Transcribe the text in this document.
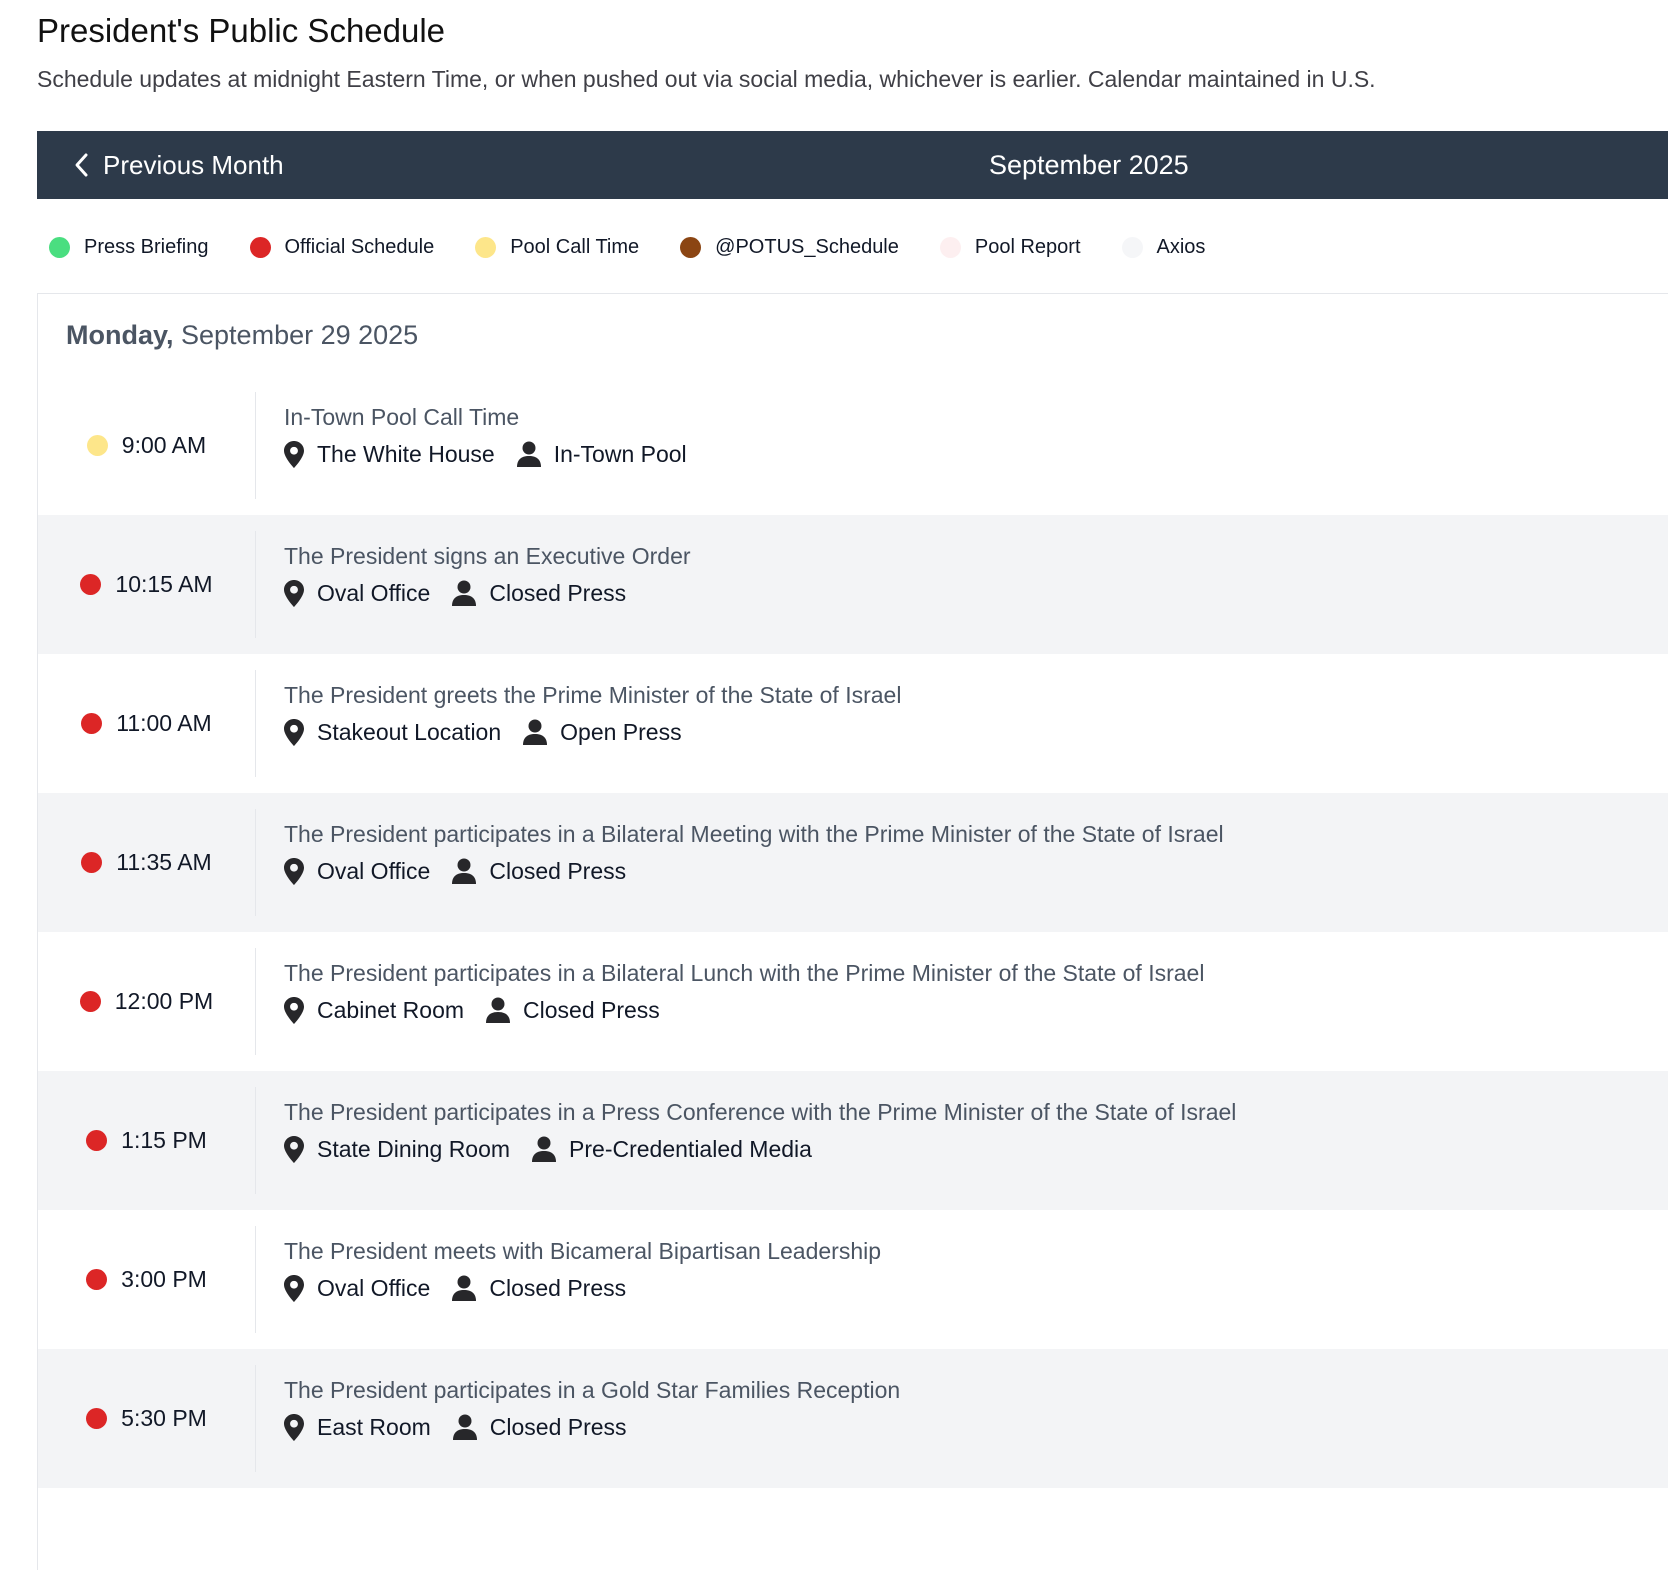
President's Public Schedule
Schedule updates at midnight Eastern Time, or when pushed out via social media, whichever is earlier. Calendar maintained in U.S.
Previous Month	September 2025
Press Briefing	Official Schedule	Pool Call Time	@POTUS_Schedule	Pool Report	Axios
Monday, September 29 2025
9:00 AM
In-Town Pool Call Time
The White House	In-Town Pool
10:15 AM
The President signs an Executive Order
Oval Office	Closed Press
11:00 AM
The President greets the Prime Minister of the State of Israel
Stakeout Location	Open Press
11:35 AM
The President participates in a Bilateral Meeting with the Prime Minister of the State of Israel
Oval Office	Closed Press
12:00 PM
The President participates in a Bilateral Lunch with the Prime Minister of the State of Israel
Cabinet Room	Closed Press
1:15 PM
The President participates in a Press Conference with the Prime Minister of the State of Israel
State Dining Room	Pre-Credentialed Media
3:00 PM
The President meets with Bicameral Bipartisan Leadership
Oval Office	Closed Press
5:30 PM
The President participates in a Gold Star Families Reception
East Room	Closed Press
